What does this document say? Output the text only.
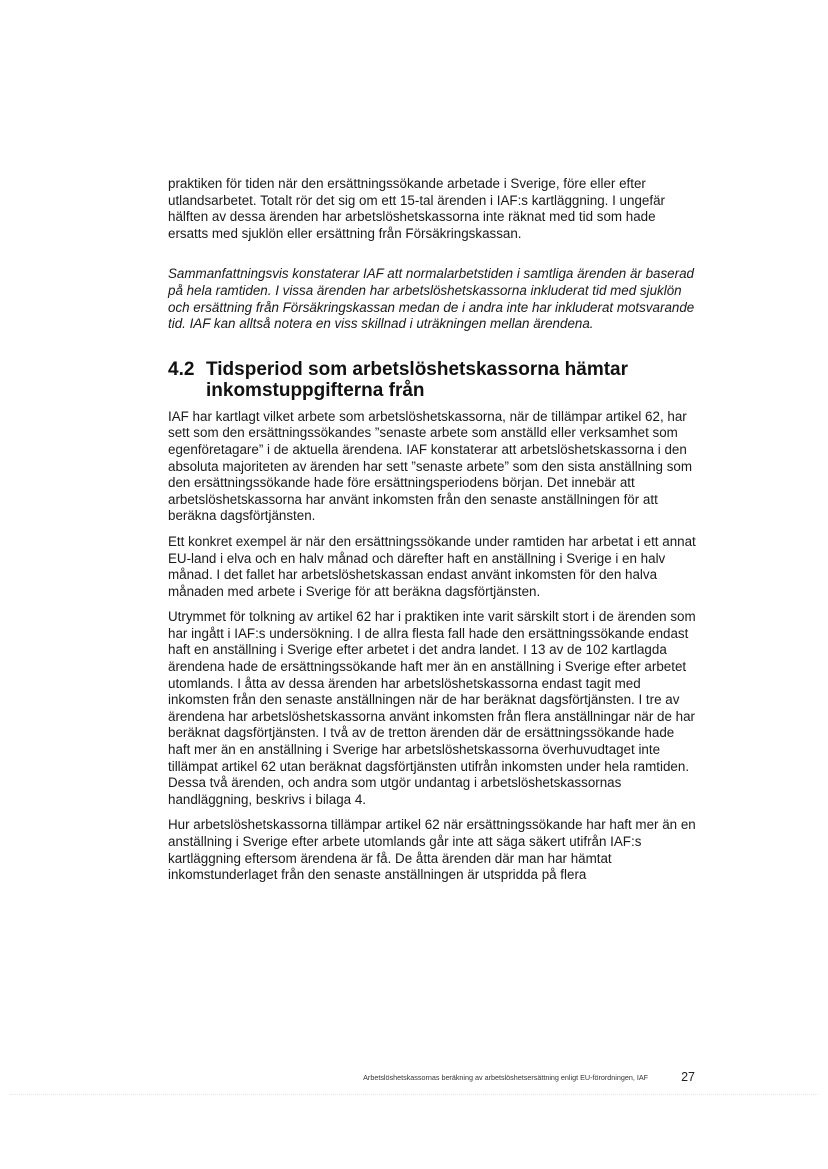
praktiken för tiden när den ersättningssökande arbetade i Sverige, före eller efter utlandsarbetet. Totalt rör det sig om ett 15-tal ärenden i IAF:s kartläggning. I ungefär hälften av dessa ärenden har arbetslöshetskassorna inte räknat med tid som hade ersatts med sjuklön eller ersättning från Försäkringskassan.

Sammanfattningsvis konstaterar IAF att normalarbetstiden i samtliga ärenden är baserad på hela ramtiden. I vissa ärenden har arbetslöshetskassorna inkluderat tid med sjuklön och ersättning från Försäkringskassan medan de i andra inte har inkluderat motsvarande tid. IAF kan alltså notera en viss skillnad i uträkningen mellan ärendena.

4.2 Tidsperiod som arbetslöshetskassorna hämtar inkomstuppgifterna från

IAF har kartlagt vilket arbete som arbetslöshetskassorna, när de tillämpar artikel 62, har sett som den ersättningssökandes ”senaste arbete som anställd eller verksamhet som egenföretagare” i de aktuella ärendena. IAF konstaterar att arbetslöshetskassorna i den absoluta majoriteten av ärenden har sett ”senaste arbete” som den sista anställning som den ersättningssökande hade före ersättningsperiodens början. Det innebär att arbetslöshetskassorna har använt inkomsten från den senaste anställningen för att beräkna dagsförtjänsten.

Ett konkret exempel är när den ersättningssökande under ramtiden har arbetat i ett annat EU-land i elva och en halv månad och därefter haft en anställning i Sverige i en halv månad. I det fallet har arbetslöshetskassan endast använt inkomsten för den halva månaden med arbete i Sverige för att beräkna dagsförtjänsten.

Utrymmet för tolkning av artikel 62 har i praktiken inte varit särskilt stort i de ärenden som har ingått i IAF:s undersökning. I de allra flesta fall hade den ersättningssökande endast haft en anställning i Sverige efter arbetet i det andra landet. I 13 av de 102 kartlagda ärendena hade de ersättningssökande haft mer än en anställning i Sverige efter arbetet utomlands. I åtta av dessa ärenden har arbetslöshetskassorna endast tagit med inkomsten från den senaste anställningen när de har beräknat dagsförtjänsten. I tre av ärendena har arbetslöshetskassorna använt inkomsten från flera anställningar när de har beräknat dagsförtjänsten. I två av de tretton ärenden där de ersättningssökande hade haft mer än en anställning i Sverige har arbetslöshetskassorna överhuvudtaget inte tillämpat artikel 62 utan beräknat dagsförtjänsten utifrån inkomsten under hela ramtiden. Dessa två ärenden, och andra som utgör undantag i arbetslöshetskassornas handläggning, beskrivs i bilaga 4.

Hur arbetslöshetskassorna tillämpar artikel 62 när ersättningssökande har haft mer än en anställning i Sverige efter arbete utomlands går inte att säga säkert utifrån IAF:s kartläggning eftersom ärendena är få. De åtta ärenden där man har hämtat inkomstunderlaget från den senaste anställningen är utspridda på flera

Arbetslöshetskassornas beräkning av arbetslöshetsersättning enligt EU-förordningen, IAF	27
